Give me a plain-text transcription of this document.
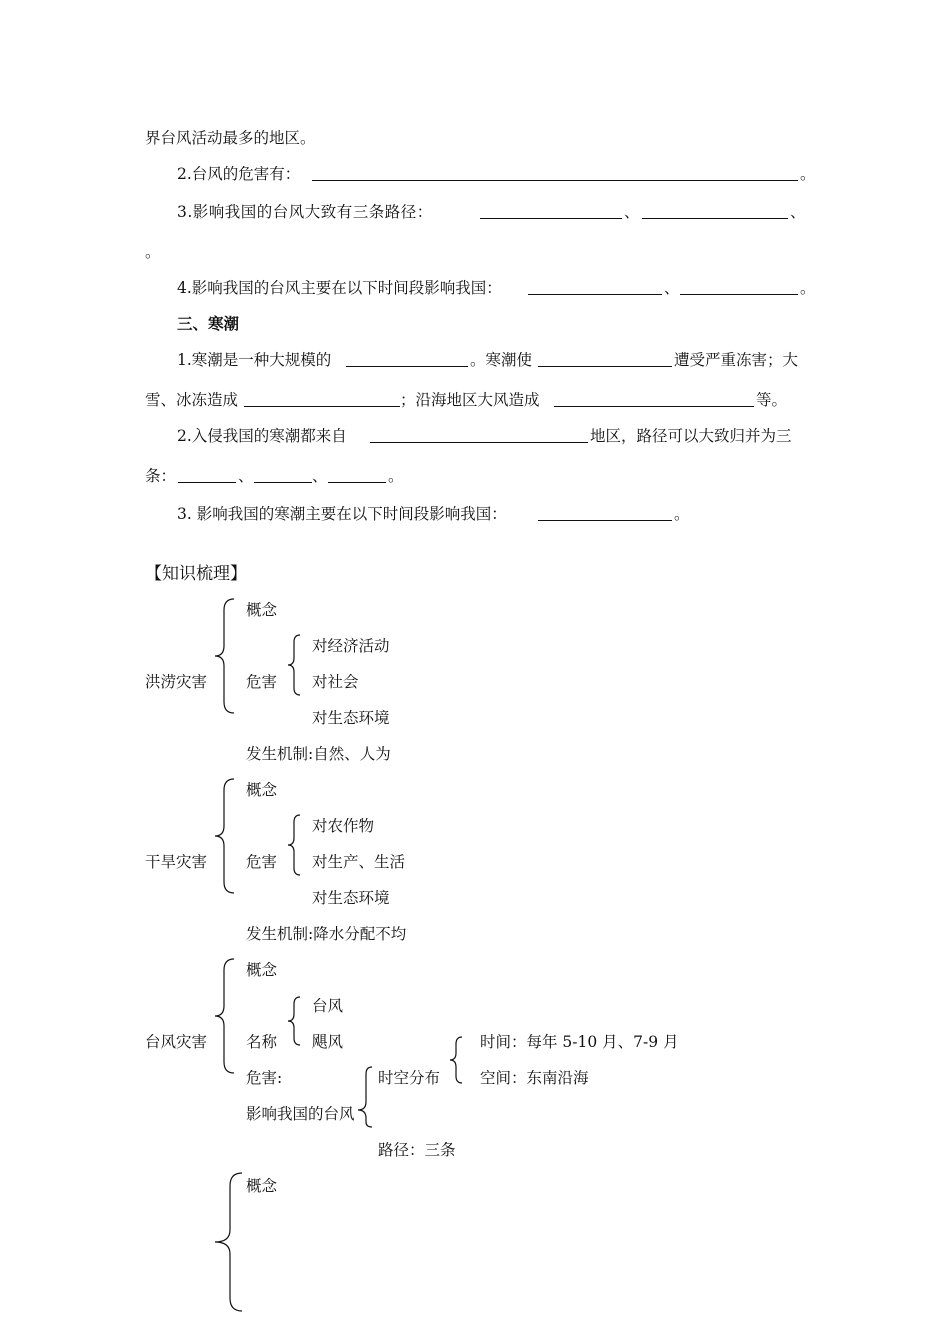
界台风活动最多的地区。
2.台风的危害有：	。
3.影响我国的台风大致有三条路径：	、	、
。
4.影响我国的台风主要在以下时间段影响我国：	、	。
三、寒潮
1.寒潮是一种大规模的	。寒潮使	遭受严重冻害；大
雪、冰冻造成	；沿海地区大风造成	等。
2.入侵我国的寒潮都来自	地区，路径可以大致归并为三
条：	、	、	。
3. 影响我国的寒潮主要在以下时间段影响我国：	。
【知识梳理】
洪涝灾害
概念
危害
对经济活动
对社会
对生态环境
发生机制:自然、人为
干旱灾害
概念
危害
对农作物
对生产、生活
对生态环境
发生机制:降水分配不均
台风灾害
概念
名称
台风
飓风
危害:
影响我国的台风
时空分布
时间：每年 5-10 月、7-9 月
空间：东南沿海
路径：三条
概念
